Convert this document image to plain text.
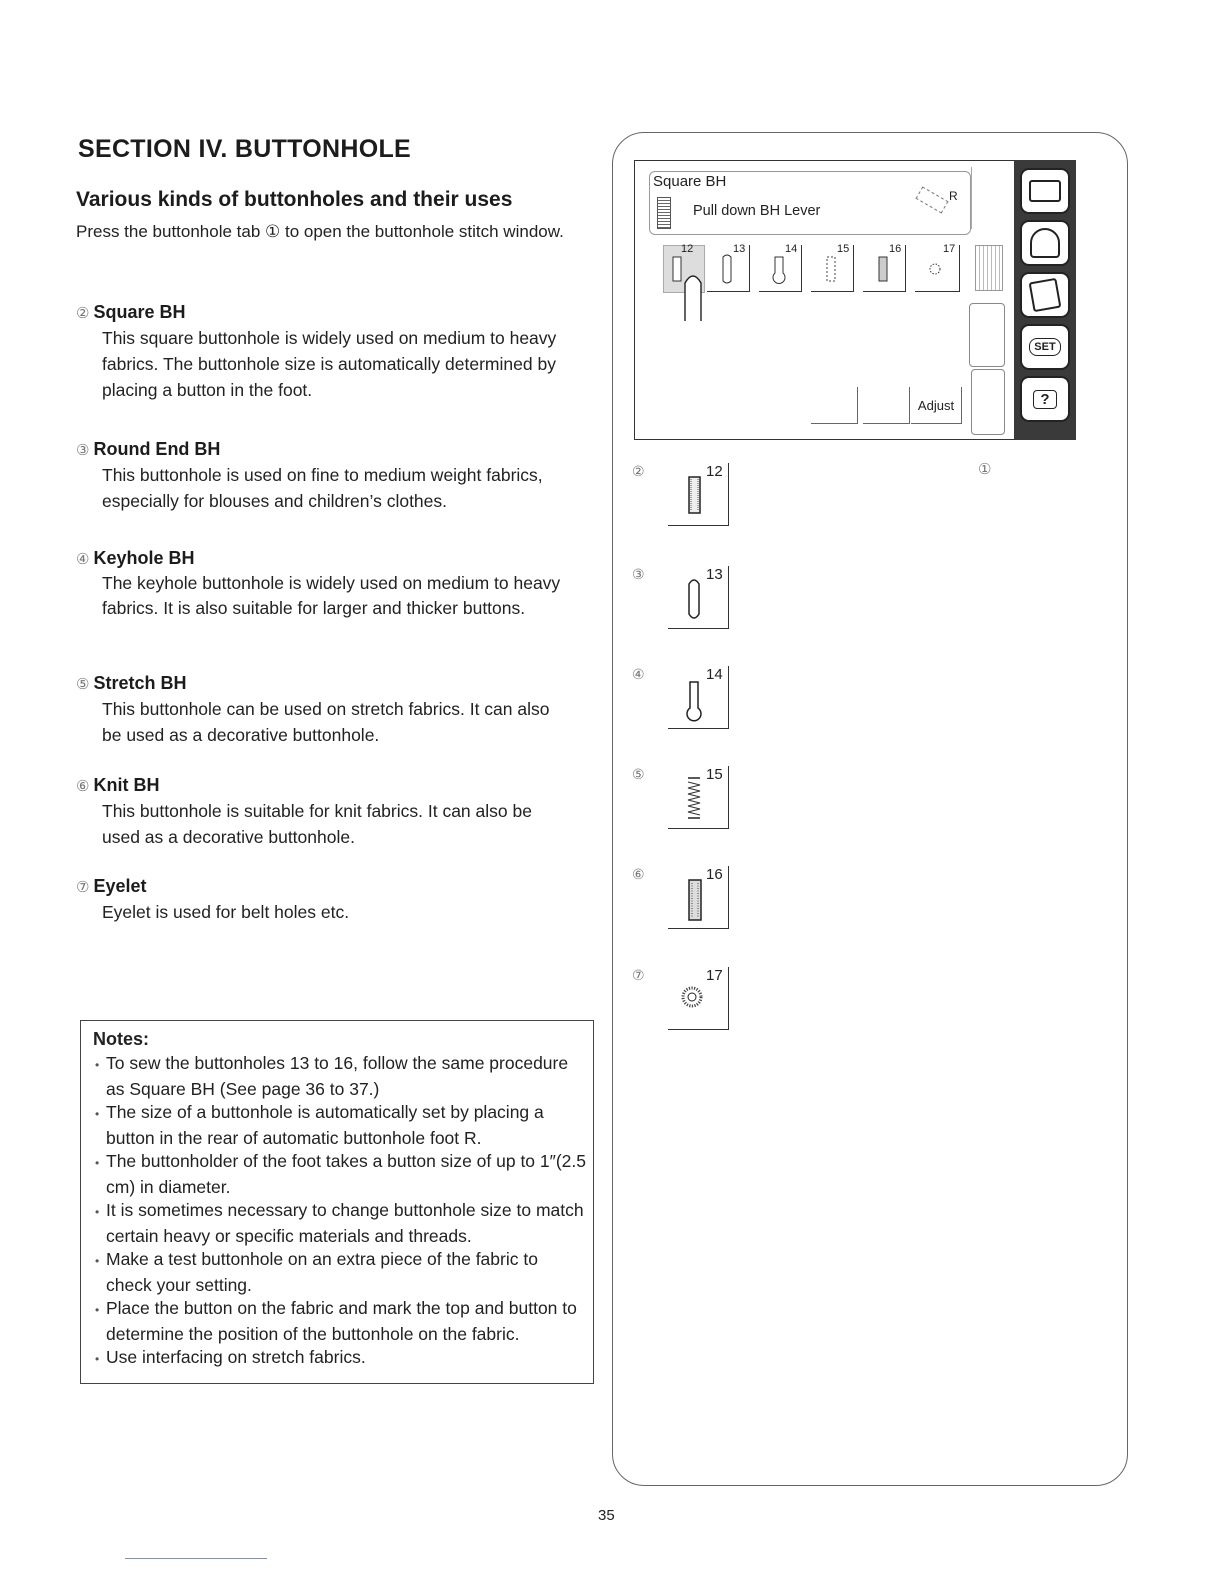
SECTION IV. BUTTONHOLE
Various kinds of buttonholes and their uses
Press the buttonhole tab ① to open the buttonhole stitch window.
② Square BH
This square buttonhole is widely used on medium to heavy fabrics. The buttonhole size is automatically determined by placing a button in the foot.
③ Round End BH
This buttonhole is used on fine to medium weight fabrics, especially for blouses and children’s clothes.
④ Keyhole BH
The keyhole buttonhole is widely used on medium to heavy fabrics. It is also suitable for larger and thicker buttons.
⑤ Stretch BH
This buttonhole can be used on stretch fabrics. It can also be used as a decorative buttonhole.
⑥ Knit BH
This buttonhole is suitable for knit fabrics. It can also be used as a decorative buttonhole.
⑦ Eyelet
Eyelet is used for belt holes etc.
Notes:
• To sew the buttonholes 13 to 16, follow the same procedure as Square BH (See page 36 to 37.)
• The size of a buttonhole is automatically set by placing a button in the rear of automatic buttonhole foot R.
• The buttonholder of the foot takes a button size of up to 1″(2.5 cm) in diameter.
• It is sometimes necessary to change buttonhole size to match certain heavy or specific materials and threads.
• Make a test buttonhole on an extra piece of the fabric to check your setting.
• Place the button on the fabric and mark the top and button to determine the position of the buttonhole on the fabric.
• Use interfacing on stretch fabrics.
Square BH
Pull down BH Lever
R
12	13	14	15	16	17
Adjust
SET
?
①
②	12
③	13
④	14
⑤	15
⑥	16
⑦	17
35
